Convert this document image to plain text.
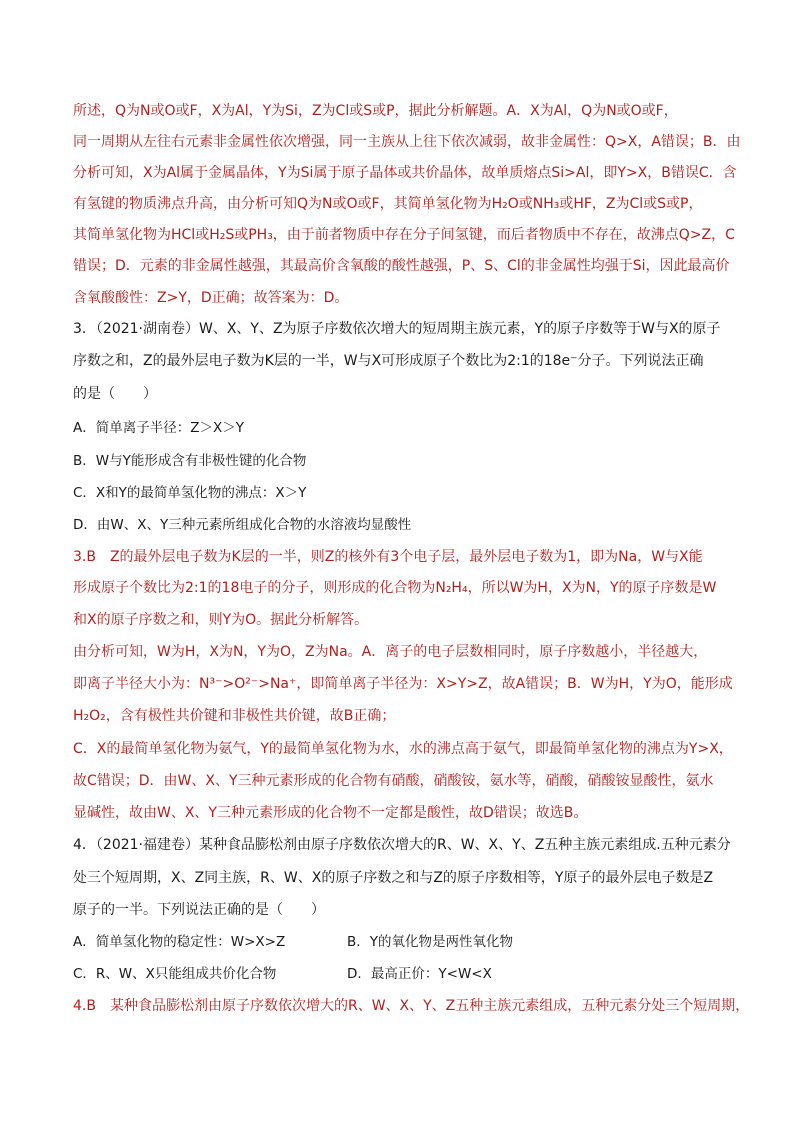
所述，Q为N或O或F，X为Al，Y为Si，Z为Cl或S或P，据此分析解题。A．X为Al，Q为N或O或F，
同一周期从左往右元素非金属性依次增强，同一主族从上往下依次减弱，故非金属性：Q>X，A错误；B．由
分析可知，X为Al属于金属晶体，Y为Si属于原子晶体或共价晶体，故单质熔点Si>Al，即Y>X，B错误C．含
有氢键的物质沸点升高，由分析可知Q为N或O或F，其简单氢化物为H₂O或NH₃或HF，Z为Cl或S或P，
其简单氢化物为HCl或H₂S或PH₃，由于前者物质中存在分子间氢键，而后者物质中不存在，故沸点Q>Z，C
错误；D．元素的非金属性越强，其最高价含氧酸的酸性越强，P、S、Cl的非金属性均强于Si，因此最高价
含氧酸酸性：Z>Y，D正确；故答案为：D。
3．（2021·湖南卷）W、X、Y、Z为原子序数依次增大的短周期主族元素，Y的原子序数等于W与X的原子
序数之和，Z的最外层电子数为K层的一半，W与X可形成原子个数比为2:1的18e⁻分子。下列说法正确
的是（　　）
A．简单离子半径：Z＞X＞Y
B．W与Y能形成含有非极性键的化合物
C．X和Y的最简单氢化物的沸点：X＞Y
D．由W、X、Y三种元素所组成化合物的水溶液均显酸性
3.B　Z的最外层电子数为K层的一半，则Z的核外有3个电子层，最外层电子数为1，即为Na，W与X能
形成原子个数比为2:1的18电子的分子，则形成的化合物为N₂H₄，所以W为H，X为N，Y的原子序数是W
和X的原子序数之和，则Y为O。据此分析解答。
由分析可知，W为H，X为N，Y为O，Z为Na。A．离子的电子层数相同时，原子序数越小，半径越大，
即离子半径大小为：N³⁻>O²⁻>Na⁺，即简单离子半径为：X>Y>Z，故A错误；B．W为H，Y为O，能形成
H₂O₂，含有极性共价键和非极性共价键，故B正确；
C．X的最简单氢化物为氨气，Y的最简单氢化物为水，水的沸点高于氨气，即最简单氢化物的沸点为Y>X，
故C错误；D．由W、X、Y三种元素形成的化合物有硝酸，硝酸铵，氨水等，硝酸，硝酸铵显酸性，氨水
显碱性，故由W、X、Y三种元素形成的化合物不一定都是酸性，故D错误；故选B。
4．（2021·福建卷）某种食品膨松剂由原子序数依次增大的R、W、X、Y、Z五种主族元素组成.五种元素分
处三个短周期，X、Z同主族，R、W、X的原子序数之和与Z的原子序数相等，Y原子的最外层电子数是Z
原子的一半。下列说法正确的是（　　）
A．简单氢化物的稳定性：W>X>Z	B．Y的氧化物是两性氧化物
C．R、W、X只能组成共价化合物	D．最高正价：Y<W<X
4.B　某种食品膨松剂由原子序数依次增大的R、W、X、Y、Z五种主族元素组成，五种元素分处三个短周期，
